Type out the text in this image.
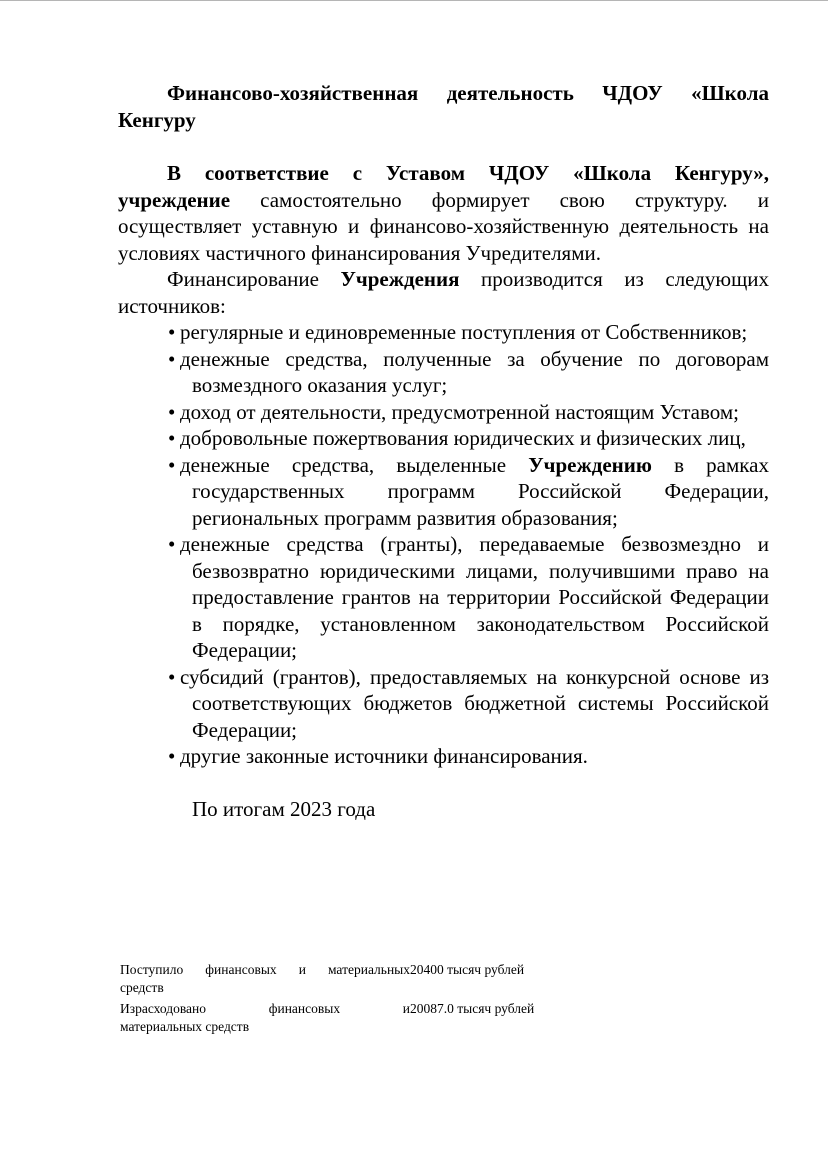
Финансово-хозяйственная деятельность ЧДОУ «Школа Кенгуру

В соответствие с Уставом ЧДОУ «Школа Кенгуру», учреждение самостоятельно формирует свою структуру. и осуществляет уставную и финансово-хозяйственную деятельность на условиях частичного финансирования Учредителями.

Финансирование Учреждения производится из следующих источников:

• регулярные и единовременные поступления от Собственников;
• денежные средства, полученные за обучение по договорам возмездного оказания услуг;
• доход от деятельности, предусмотренной настоящим Уставом;
• добровольные пожертвования юридических и физических лиц,
• денежные средства, выделенные Учреждению в рамках государственных программ Российской Федерации, региональных программ развития образования;
• денежные средства (гранты), передаваемые безвозмездно и безвозвратно юридическими лицами, получившими право на предоставление грантов на территории Российской Федерации в порядке, установленном законодательством Российской Федерации;
• субсидий (грантов), предоставляемых на конкурсной основе из соответствующих бюджетов бюджетной системы Российской Федерации;
• другие законные источники финансирования.
По итогам 2023 года
Поступило финансовых и материальных 20400 тысяч рублей
средств
Израсходовано финансовых и 20087.0 тысяч рублей
материальных средств
